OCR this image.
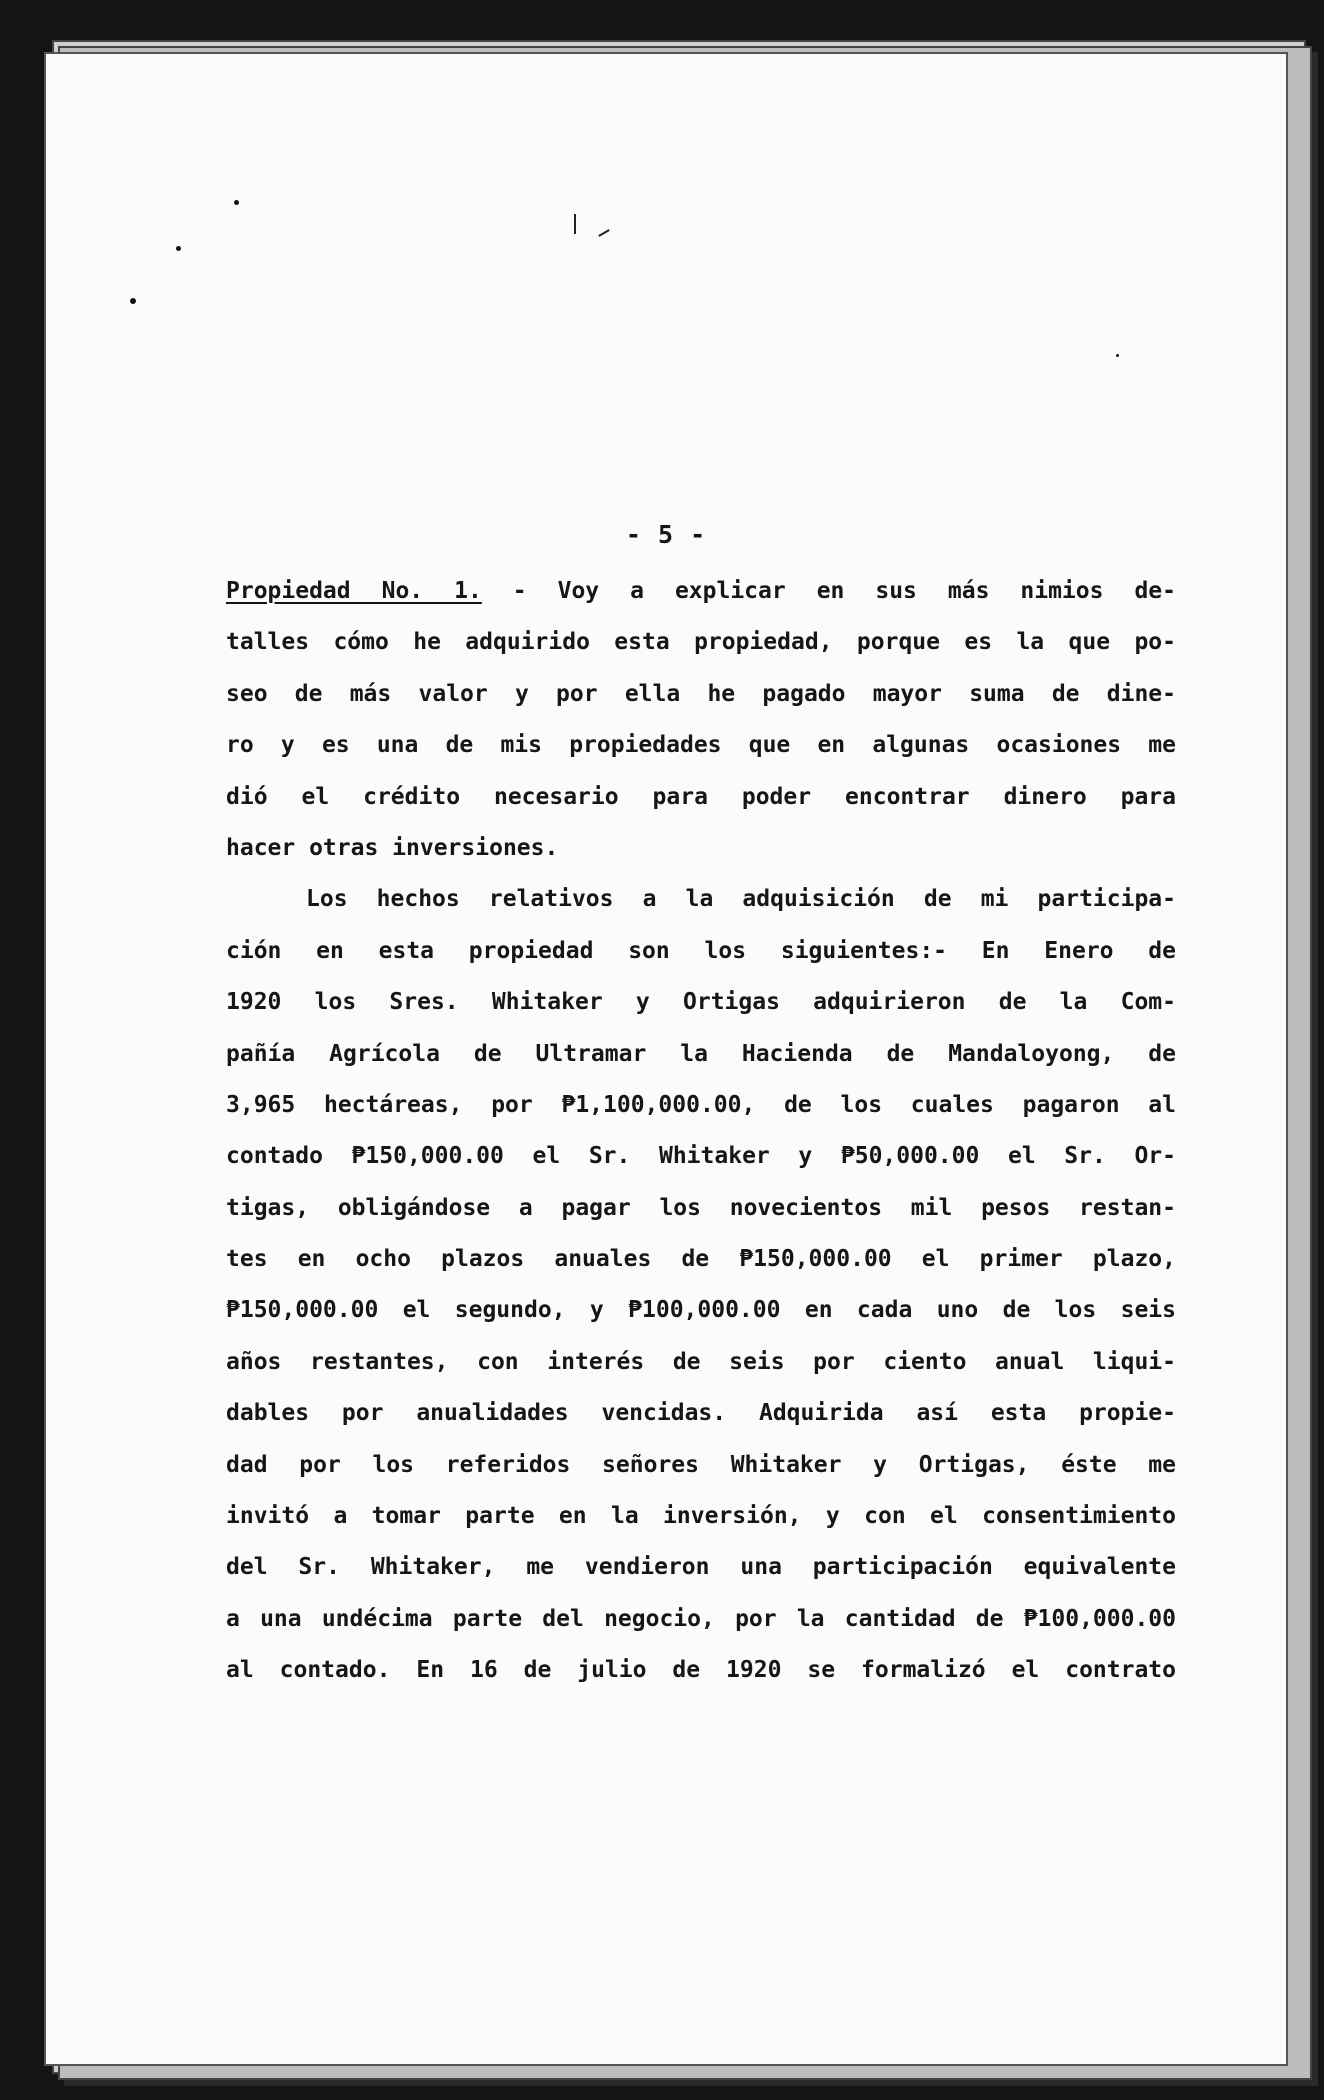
- 5 -
Propiedad No. 1. - Voy a explicar en sus más nimios de-
talles cómo he adquirido esta propiedad, porque es la que po-
seo de más valor y por ella he pagado mayor suma de dine-
ro y es una de mis propiedades que en algunas ocasiones me
dió el crédito necesario para poder encontrar dinero para
hacer otras inversiones.
Los hechos relativos a la adquisición de mi participa-
ción en esta propiedad son los siguientes:- En Enero de
1920 los Sres. Whitaker y Ortigas adquirieron de la Com-
pañía Agrícola de Ultramar la Hacienda de Mandaloyong, de
3,965 hectáreas, por ₱1,100,000.00, de los cuales pagaron al
contado ₱150,000.00 el Sr. Whitaker y ₱50,000.00 el Sr. Or-
tigas, obligándose a pagar los novecientos mil pesos restan-
tes en ocho plazos anuales de ₱150,000.00 el primer plazo,
₱150,000.00 el segundo, y ₱100,000.00 en cada uno de los seis
años restantes, con interés de seis por ciento anual liqui-
dables por anualidades vencidas. Adquirida así esta propie-
dad por los referidos señores Whitaker y Ortigas, éste me
invitó a tomar parte en la inversión, y con el consentimiento
del Sr. Whitaker, me vendieron una participación equivalente
a una undécima parte del negocio, por la cantidad de ₱100,000.00
al contado. En 16 de julio de 1920 se formalizó el contrato
